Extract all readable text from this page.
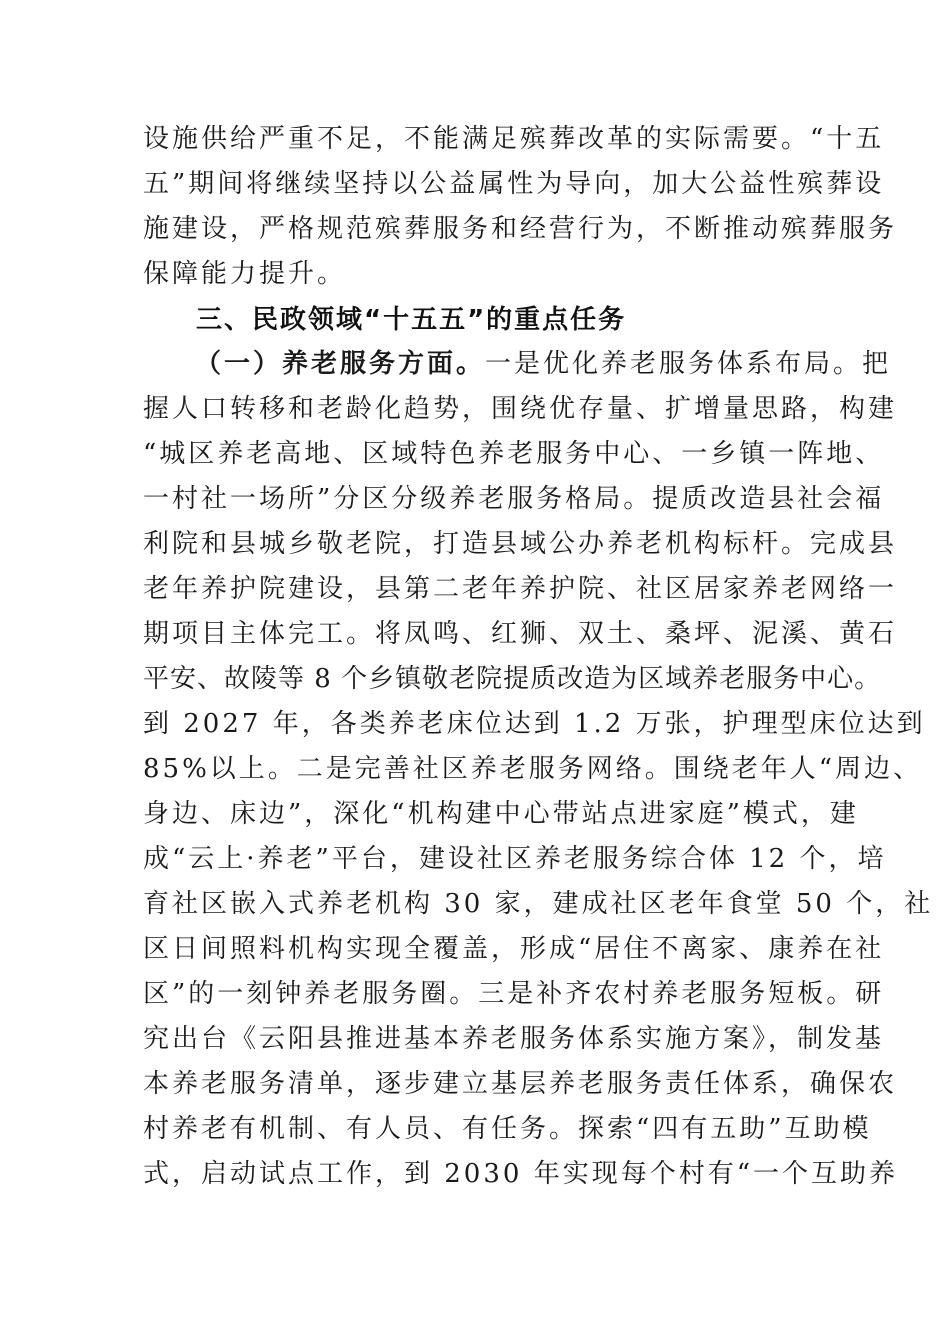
设施供给严重不足，不能满足殡葬改革的实际需要。“十五
五”期间将继续坚持以公益属性为导向，加大公益性殡葬设
施建设，严格规范殡葬服务和经营行为，不断推动殡葬服务
保障能力提升。
三、民政领域“十五五”的重点任务
（一）养老服务方面。一是优化养老服务体系布局。把
握人口转移和老龄化趋势，围绕优存量、扩增量思路，构建
“城区养老高地、区域特色养老服务中心、一乡镇一阵地、
一村社一场所”分区分级养老服务格局。提质改造县社会福
利院和县城乡敬老院，打造县域公办养老机构标杆。完成县
老年养护院建设，县第二老年养护院、社区居家养老网络一
期项目主体完工。将凤鸣、红狮、双土、桑坪、泥溪、黄石
平安、故陵等 8 个乡镇敬老院提质改造为区域养老服务中心。
到 2027 年，各类养老床位达到 1.2 万张，护理型床位达到
85%以上。二是完善社区养老服务网络。围绕老年人“周边、
身边、床边”，深化“机构建中心带站点进家庭”模式，建
成“云上·养老”平台，建设社区养老服务综合体 12 个，培
育社区嵌入式养老机构 30 家，建成社区老年食堂 50 个，社
区日间照料机构实现全覆盖，形成“居住不离家、康养在社
区”的一刻钟养老服务圈。三是补齐农村养老服务短板。研
究出台《云阳县推进基本养老服务体系实施方案》，制发基
本养老服务清单，逐步建立基层养老服务责任体系，确保农
村养老有机制、有人员、有任务。探索“四有五助”互助模
式，启动试点工作，到 2030 年实现每个村有“一个互助养
